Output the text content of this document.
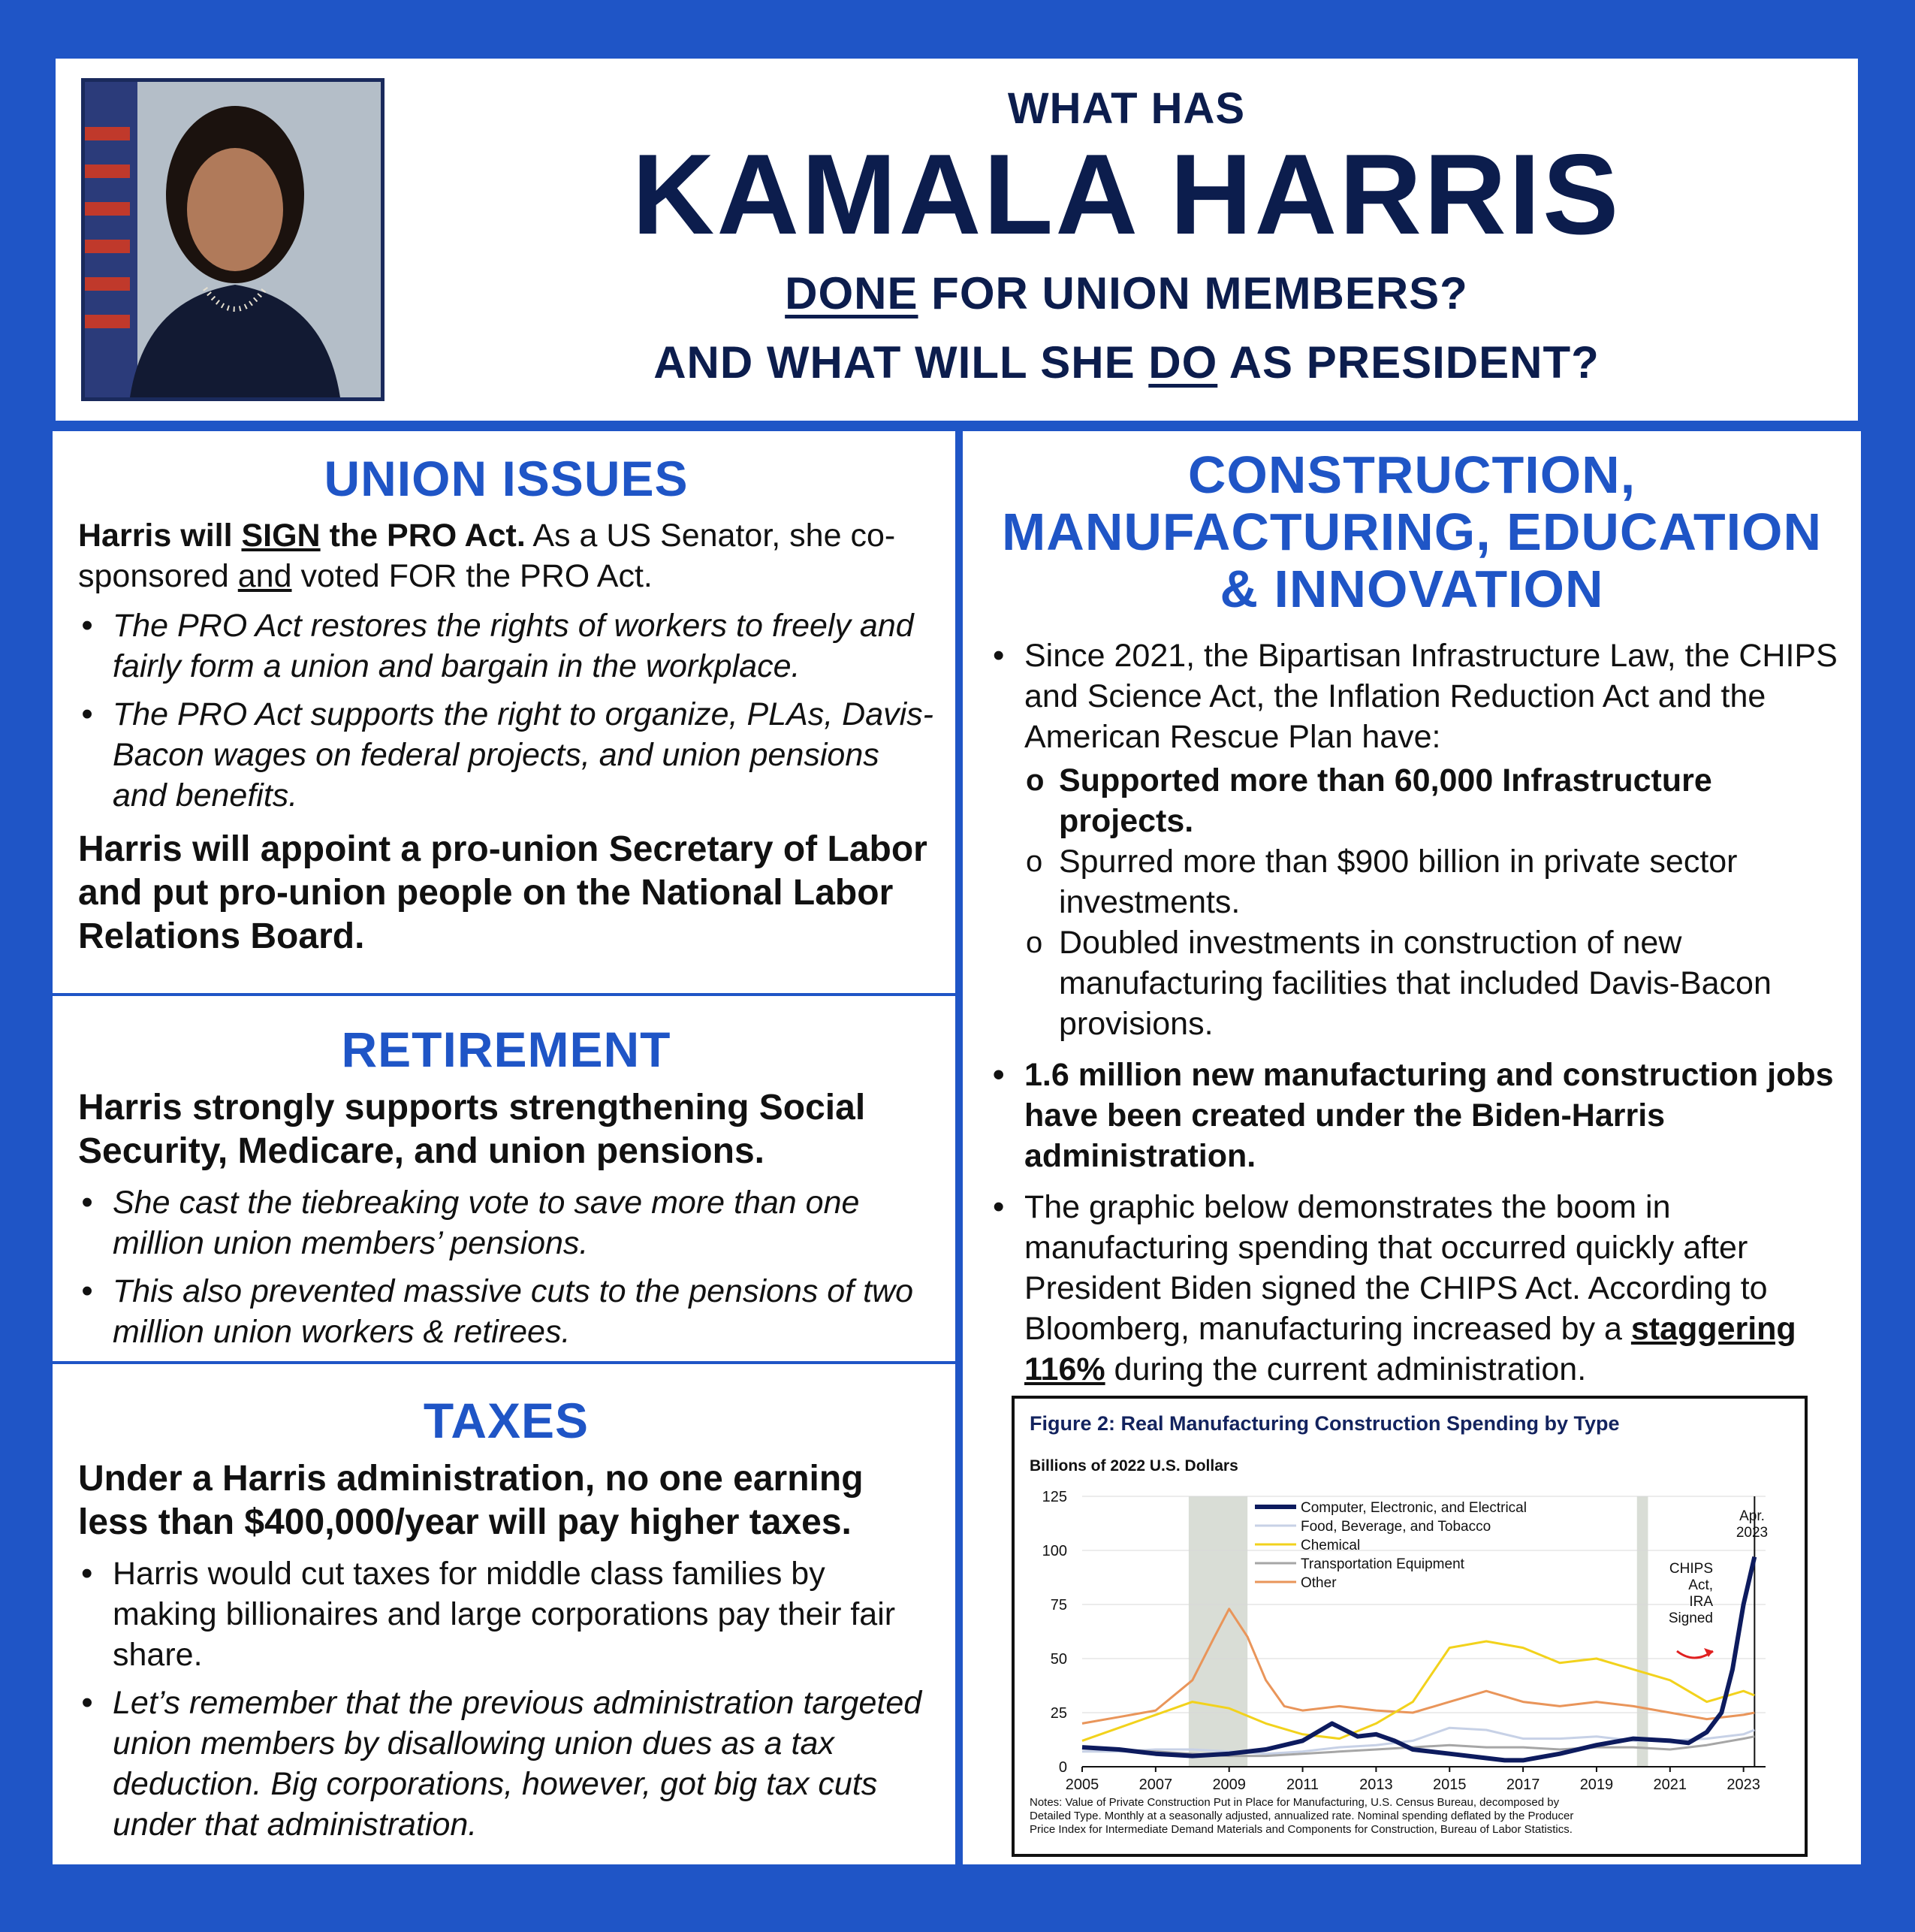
WHAT HAS
KAMALA HARRIS
DONE FOR UNION MEMBERS?
AND WHAT WILL SHE DO AS PRESIDENT?
UNION ISSUES
Harris will SIGN the PRO Act. As a US Senator, she co-sponsored and voted FOR the PRO Act.
• The PRO Act restores the rights of workers to freely and fairly form a union and bargain in the workplace.
• The PRO Act supports the right to organize, PLAs, Davis-Bacon wages on federal projects, and union pensions and benefits.
Harris will appoint a pro-union Secretary of Labor and put pro-union people on the National Labor Relations Board.
RETIREMENT
Harris strongly supports strengthening Social Security, Medicare, and union pensions.
• She cast the tiebreaking vote to save more than one million union members’ pensions.
• This also prevented massive cuts to the pensions of two million union workers & retirees.
TAXES
Under a Harris administration, no one earning less than $400,000/year will pay higher taxes.
• Harris would cut taxes for middle class families by making billionaires and large corporations pay their fair share.
• Let’s remember that the previous administration targeted union members by disallowing union dues as a tax deduction. Big corporations, however, got big tax cuts under that administration.
CONSTRUCTION,
MANUFACTURING, EDUCATION
& INNOVATION
• Since 2021, the Bipartisan Infrastructure Law, the CHIPS and Science Act, the Inflation Reduction Act and the American Rescue Plan have:
o Supported more than 60,000 Infrastructure projects.
o Spurred more than $900 billion in private sector investments.
o Doubled investments in construction of new manufacturing facilities that included Davis-Bacon provisions.
• 1.6 million new manufacturing and construction jobs have been created under the Biden-Harris administration.
• The graphic below demonstrates the boom in manufacturing spending that occurred quickly after President Biden signed the CHIPS Act. According to Bloomberg, manufacturing increased by a staggering 116% during the current administration.
Figure 2: Real Manufacturing Construction Spending by Type
Billions of 2022 U.S. Dollars
0
25
50
75
100
125
2005	2007	2009	2011	2013	2015	2017	2019	2021	2023
Computer, Electronic, and Electrical
Food, Beverage, and Tobacco
Chemical
Transportation Equipment
Other
Apr. 2023
CHIPS Act, IRA Signed
Notes: Value of Private Construction Put in Place for Manufacturing, U.S. Census Bureau, decomposed by
Detailed Type. Monthly at a seasonally adjusted, annualized rate. Nominal spending deflated by the Producer
Price Index for Intermediate Demand Materials and Components for Construction, Bureau of Labor Statistics.
